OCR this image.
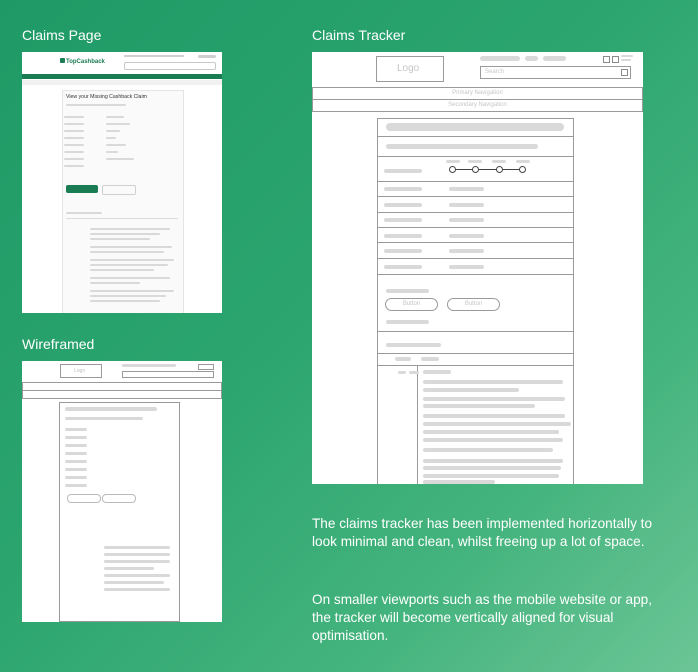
Claims Page
Wireframed
Claims Tracker
TopCashback
View your Missing Cashback Claim
Logo
Logo	Search
Primary Navigation
Secondary Navigation
Button	Button
The claims tracker has been implemented horizontally to look minimal and clean, whilst freeing up a lot of space.
On smaller viewports such as the mobile website or app, the tracker will become vertically aligned for visual optimisation.
